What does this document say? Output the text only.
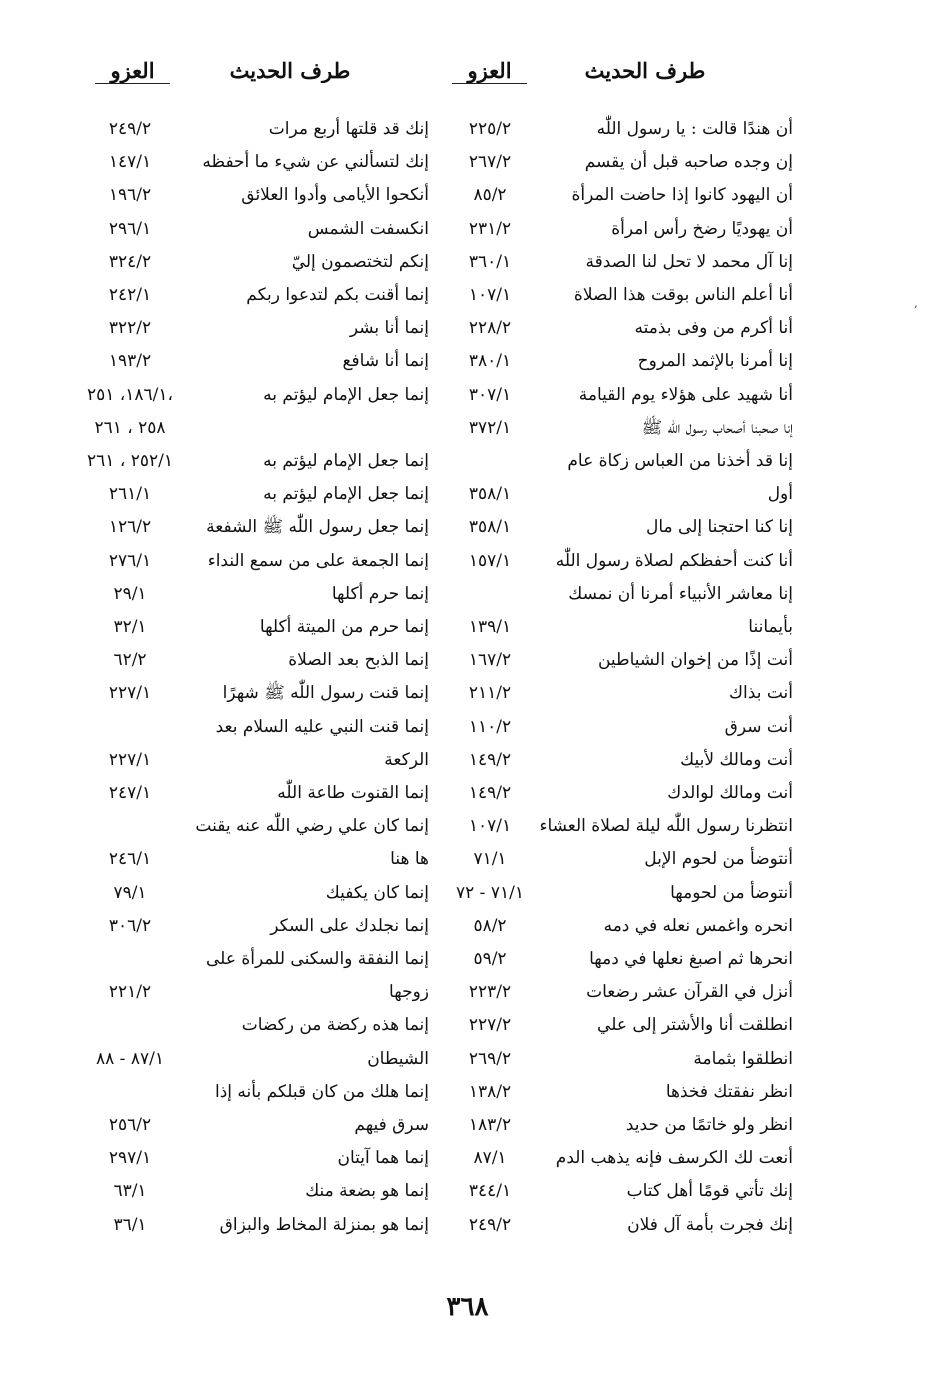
طرف الحديث
العزو
طرف الحديث
العزو
أن هندًا قالت : يا رسول اللّٰه
٢٢٥/٢
إنك قد قلتها أربع مرات
٢٤٩/٢
إن وجده صاحبه قبل أن يقسم
٢٦٧/٢
إنك لتسألني عن شيء ما أحفظه
١٤٧/١
أن اليهود كانوا إذا حاضت المرأة
٨٥/٢
أنكحوا الأيامى وأدوا العلائق
١٩٦/٢
أن يهوديًا رضخ رأس امرأة
٢٣١/٢
انكسفت الشمس
٢٩٦/١
إنا آل محمد لا تحل لنا الصدقة
٣٦٠/١
إنكم لتختصمون إليّ
٣٢٤/٢
أنا أعلم الناس بوقت هذا الصلاة
١٠٧/١
إنما أقنت بكم لتدعوا ربكم
٢٤٢/١
أنا أكرم من وفى بذمته
٢٢٨/٢
إنما أنا بشر
٣٢٢/٢
إنا أمرنا بالإثمد المروح
٣٨٠/١
إنما أنا شافع
١٩٣/٢
أنا شهيد على هؤلاء يوم القيامة
٣٠٧/١
إنما جعل الإمام ليؤتم به
١٨٦/١، ٢٥١،
إنا صحبنا أصحاب رسول اللّٰه ﷺ
٣٧٢/١
٢٥٨ ، ٢٦١
إنا قد أخذنا من العباس زكاة عام
إنما جعل الإمام ليؤتم به
٢٥٢/١ ، ٢٦١
أول
٣٥٨/١
إنما جعل الإمام ليؤتم به
٢٦١/١
إنا كنا احتجنا إلى مال
٣٥٨/١
إنما جعل رسول اللّٰه ﷺ الشفعة
١٢٦/٢
أنا كنت أحفظكم لصلاة رسول اللّٰه
١٥٧/١
إنما الجمعة على من سمع النداء
٢٧٦/١
إنا معاشر الأنبياء أمرنا أن نمسك
إنما حرم أكلها
٢٩/١
بأيماننا
١٣٩/١
إنما حرم من الميتة أكلها
٣٢/١
أنت إذًا من إخوان الشياطين
١٦٧/٢
إنما الذبح بعد الصلاة
٦٢/٢
أنت بذاك
٢١١/٢
إنما قنت رسول اللّٰه ﷺ شهرًا
٢٢٧/١
أنت سرق
١١٠/٢
إنما قنت النبي عليه السلام بعد
أنت ومالك لأبيك
١٤٩/٢
الركعة
٢٢٧/١
أنت ومالك لوالدك
١٤٩/٢
إنما القنوت طاعة اللّٰه
٢٤٧/١
انتظرنا رسول اللّٰه ليلة لصلاة العشاء
١٠٧/١
إنما كان علي رضي اللّٰه عنه يقنت
أنتوضأ من لحوم الإبل
٧١/١
ها هنا
٢٤٦/١
أنتوضأ من لحومها
٧١/١ - ٧٢
إنما كان يكفيك
٧٩/١
انحره واغمس نعله في دمه
٥٨/٢
إنما نجلدك على السكر
٣٠٦/٢
انحرها ثم اصبغ نعلها في دمها
٥٩/٢
إنما النفقة والسكنى للمرأة على
أنزل في القرآن عشر رضعات
٢٢٣/٢
زوجها
٢٢١/٢
انطلقت أنا والأشتر إلى علي
٢٢٧/٢
إنما هذه ركضة من ركضات
انطلقوا بثمامة
٢٦٩/٢
الشيطان
٨٧/١ - ٨٨
انظر نفقتك فخذها
١٣٨/٢
إنما هلك من كان قبلكم بأنه إذا
انظر ولو خاتمًا من حديد
١٨٣/٢
سرق فيهم
٢٥٦/٢
أنعت لك الكرسف فإنه يذهب الدم
٨٧/١
إنما هما آيتان
٢٩٧/١
إنك تأتي قومًا أهل كتاب
٣٤٤/١
إنما هو بضعة منك
٦٣/١
إنك فجرت بأمة آل فلان
٢٤٩/٢
إنما هو بمنزلة المخاط والبزاق
٣٦/١
,
٣٦٨
